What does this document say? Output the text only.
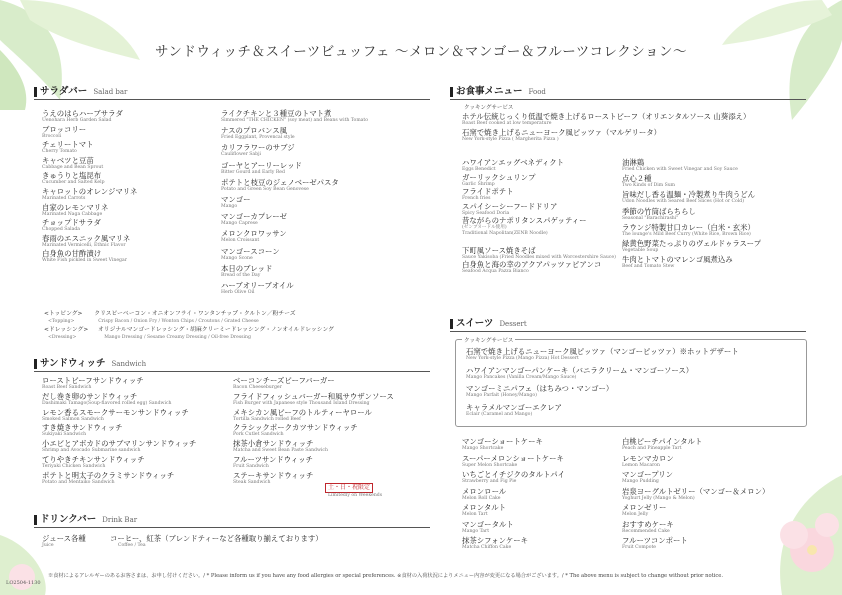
サンドウィッチ＆スイーツビュッフェ 〜メロン＆マンゴー＆フルーツコレクション〜
サラダバー Salad bar
うえのはらハーブサラダ
Uenohara Herb Garden Salad
ブロッコリー
Broccoli
チェリートマト
Cherry Tomato
キャベツと豆苗
Cabbage and Bean Sprout
きゅうりと塩昆布
Cucumber and Salted Kelp
キャロットのオレンジマリネ
Marinated Carrots
自家のレモンマリネ
Marinated Naga Cabbage
チョップドサラダ
Chopped Salada
春雨のエスニック風マリネ
Marinated Vermicelli, Ethnic Flavor
白身魚の甘酢漬け
White Fish pickled in Sweet Vinegar
ライクチキンと３種豆のトマト煮
Simmered "THE CHICKEN" (soy meat) and Beans with Tomato
ナスのプロバンス風
Fried Eggplant, Provencal style
カリフラワーのサブジ
Cauliflower Sabji
ゴーヤとアーリーレッド
Bitter Gourd and Early Red
ポテトと枝豆のジェノベーゼパスタ
Potato and Green Soy Bean Genovese
マンゴー
Mango
マンゴーカプレーゼ
Mango Caprese
メロンクロワッサン
Melon Croissant
マンゴースコーン
Mango Scone
本日のブレッド
Bread of the Day
ハーブオリーブオイル
Herb Olive Oil
<トッピング> クリスピーベーコン・オニオンフライ・ワンタンチップ・クルトン／粉チーズ
<Topping>	Crispy Bacon / Onion Fry / Wonton Chips / Croutons / Grated Cheese
<ドレッシング> オリジナルマンゴードレッシング・胡麻クリーミードレッシング・ノンオイルドレッシング
<Dressing>	Mango Dressing / Sesame Creamy Dressing / Oil-free Dressing
サンドウィッチ Sandwich
ローストビーフサンドウィッチ
Roast Beef Sandwich
だし巻き卵のサンドウィッチ
Dashimaki Tamago(Soup-flavored rolled egg) Sandwich
レモン香るスモークサーモンサンドウィッチ
Smoked Salmon Sandwich
すき焼きサンドウィッチ
Sukiyaki Sandwich
小エビとアボカドのサブマリンサンドウィッチ
Shrimp and Avocado Submarine sandwich
てりやきチキンサンドウィッチ
Teriyaki Chicken Sandwich
ポテトと明太子のクラミサンドウィッチ
Potato and Mentaiko Sandwich
ベーコンチーズビーフバーガー
Bacon Cheeseburger
フライドフィッシュバーガー和風サウザンソース
Fish Burger with Japanese style Thousand Island Dressing
メキシカン風ビーフのトルティーヤロール
Tortilla Sandwich rolled Beef
クラシックポークカツサンドウィッチ
Pork Cutlet Sandwich
抹茶小倉サンドウィッチ
Matcha and Sweet Bean Paste Sandwich
フルーツサンドウィッチ
Fruit Sandwich
ステーキサンドウィッチ
Steak Sandwich
土・日・祝限定
Limitedly on Weekends
ドリンクバー Drink Bar
ジュース各種
Juice
コーヒー、紅茶（ブレンドティーなど各種取り揃えております）
Coffee / Tea
お食事メニュー Food
クッキングサービス
ホテル伝統じっくり低温で焼き上げるローストビーフ（オリエンタルソース 山葵添え）
Roast Beef cooked at low temperature
石窯で焼き上げるニューヨーク風ピッツァ（マルゲリータ）
New York-style Pizza ( Margherita Pizza )
ハワイアンエッグベネディクト
Eggs Benedict
ガーリックシュリンプ
Garlic Shrimp
フライドポテト
French fries
スパイシーシーフードドリア
Spicy Seafood Doria
昔ながらのナポリタンスパゲッティー
(ゼンブヌードル使用)
Traditional Napolitan(ZENB Noodle)
下町風ソース焼きそば
Sauce Yakisoba (Fried Noodles mixed with Worcestershire Sauce)
白身魚と海の幸のアクアパッツァピアンコ
Seafood Acqua Pazza Bianco
油淋鶏
Fried Chicken with Sweet Vinegar and Soy Sauce
点心２種
Two Kinds of Dim Sum
旨味だし香る温麺・冷製煮り牛肉うどん
Udon Noodles with Seared Beef Slices (Hot or Cold)
季節の竹筒ばらちらし
Seasonal "Barachirashi"
ラウンジ特製甘口カレー（白米・玄米）
The lounge's Mild Beef Curry (White Rice, Brown Rice)
緑黄色野菜たっぷりのヴェルドゥラスープ
Vegetable Soup
牛肉とトマトのマレンゴ風煮込み
Beef and Tomato Stew
スイーツ Dessert
クッキングサービス
石窯で焼き上げるニューヨーク風ピッツァ（マンゴーピッツァ）※ホットデザート
New York-style Pizza (Mango Pizza) Hot Dessert
ハワイアンマンゴーパンケーキ（バニラクリーム・マンゴーソース）
Mango Pancakes (Vanilla Cream/Mango Sauce)
マンゴーミニパフェ（はちみつ・マンゴー）
Mango Parfait (Honey/Mango)
キャラメルマンゴーエクレア
Eclair (Caramel and Mango)
マンゴーショートケーキ
Mango Shortcake
スーパーメロンショートケーキ
Super Melon Shortcake
いちごとイチジクのタルトパイ
Strawberry and Fig Pie
メロンロール
Melon Roll Cake
メロンタルト
Melon Tart
マンゴータルト
Mango Tart
抹茶シフォンケーキ
Matcha Chiffon Cake
白桃ピーチパインタルト
Peach and Pineapple Tart
レモンマカロン
Lemon Macaron
マンゴープリン
Mango Pudding
岩泉ヨーグルトゼリー（マンゴー＆メロン）
Yoghurt Jelly (Mango & Melon)
メロンゼリー
Melon Jelly
おすすめケーキ
Recommended Cake
フルーツコンポート
Fruit Compote
※食材によるアレルギーのあるお客さまは、お申し付けください。/ * Please inform us if you have any food allergies or special preferences. ※食材の入荷状況によりメニュー内容が変更になる場合がございます。/ * The above menu is subject to change without prior notice.
LO2504-1130
